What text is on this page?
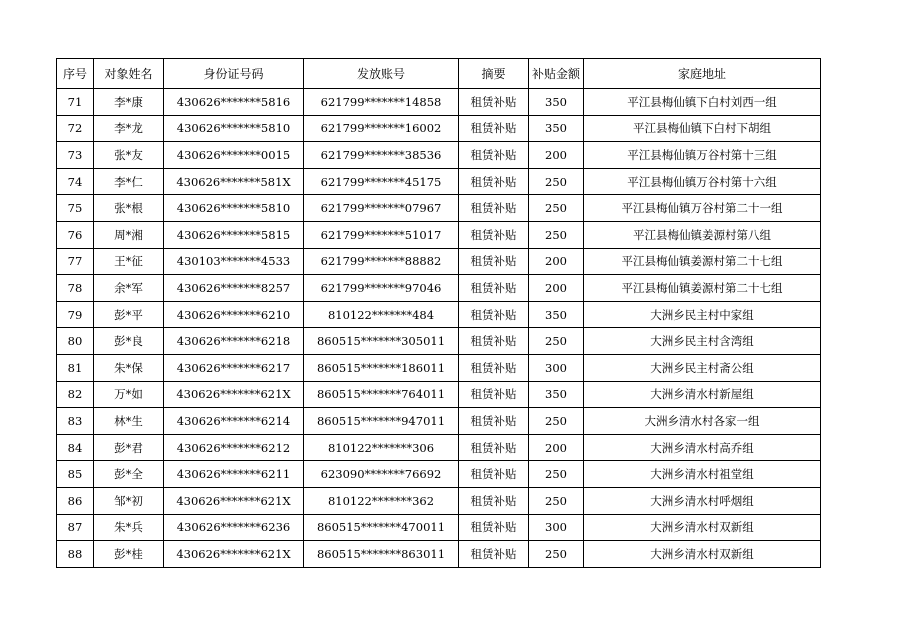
序号	对象姓名	身份证号码	发放账号	摘要	补贴金额	家庭地址
71	李*康	430626*******5816	621799*******14858	租赁补贴	350	平江县梅仙镇下白村刘西一组
72	李*龙	430626*******5810	621799*******16002	租赁补贴	350	平江县梅仙镇下白村下胡组
73	张*友	430626*******0015	621799*******38536	租赁补贴	200	平江县梅仙镇万谷村第十三组
74	李*仁	430626*******581X	621799*******45175	租赁补贴	250	平江县梅仙镇万谷村第十六组
75	张*根	430626*******5810	621799*******07967	租赁补贴	250	平江县梅仙镇万谷村第二十一组
76	周*湘	430626*******5815	621799*******51017	租赁补贴	250	平江县梅仙镇姜源村第八组
77	王*征	430103*******4533	621799*******88882	租赁补贴	200	平江县梅仙镇姜源村第二十七组
78	余*军	430626*******8257	621799*******97046	租赁补贴	200	平江县梅仙镇姜源村第二十七组
79	彭*平	430626*******6210	810122*******484	租赁补贴	350	大洲乡民主村中家组
80	彭*良	430626*******6218	860515*******305011	租赁补贴	250	大洲乡民主村含湾组
81	朱*保	430626*******6217	860515*******186011	租赁补贴	300	大洲乡民主村斋公组
82	万*如	430626*******621X	860515*******764011	租赁补贴	350	大洲乡清水村新屋组
83	林*生	430626*******6214	860515*******947011	租赁补贴	250	大洲乡清水村各家一组
84	彭*君	430626*******6212	810122*******306	租赁补贴	200	大洲乡清水村高乔组
85	彭*全	430626*******6211	623090*******76692	租赁补贴	250	大洲乡清水村祖堂组
86	邹*初	430626*******621X	810122*******362	租赁补贴	250	大洲乡清水村呼烟组
87	朱*兵	430626*******6236	860515*******470011	租赁补贴	300	大洲乡清水村双新组
88	彭*桂	430626*******621X	860515*******863011	租赁补贴	250	大洲乡清水村双新组
